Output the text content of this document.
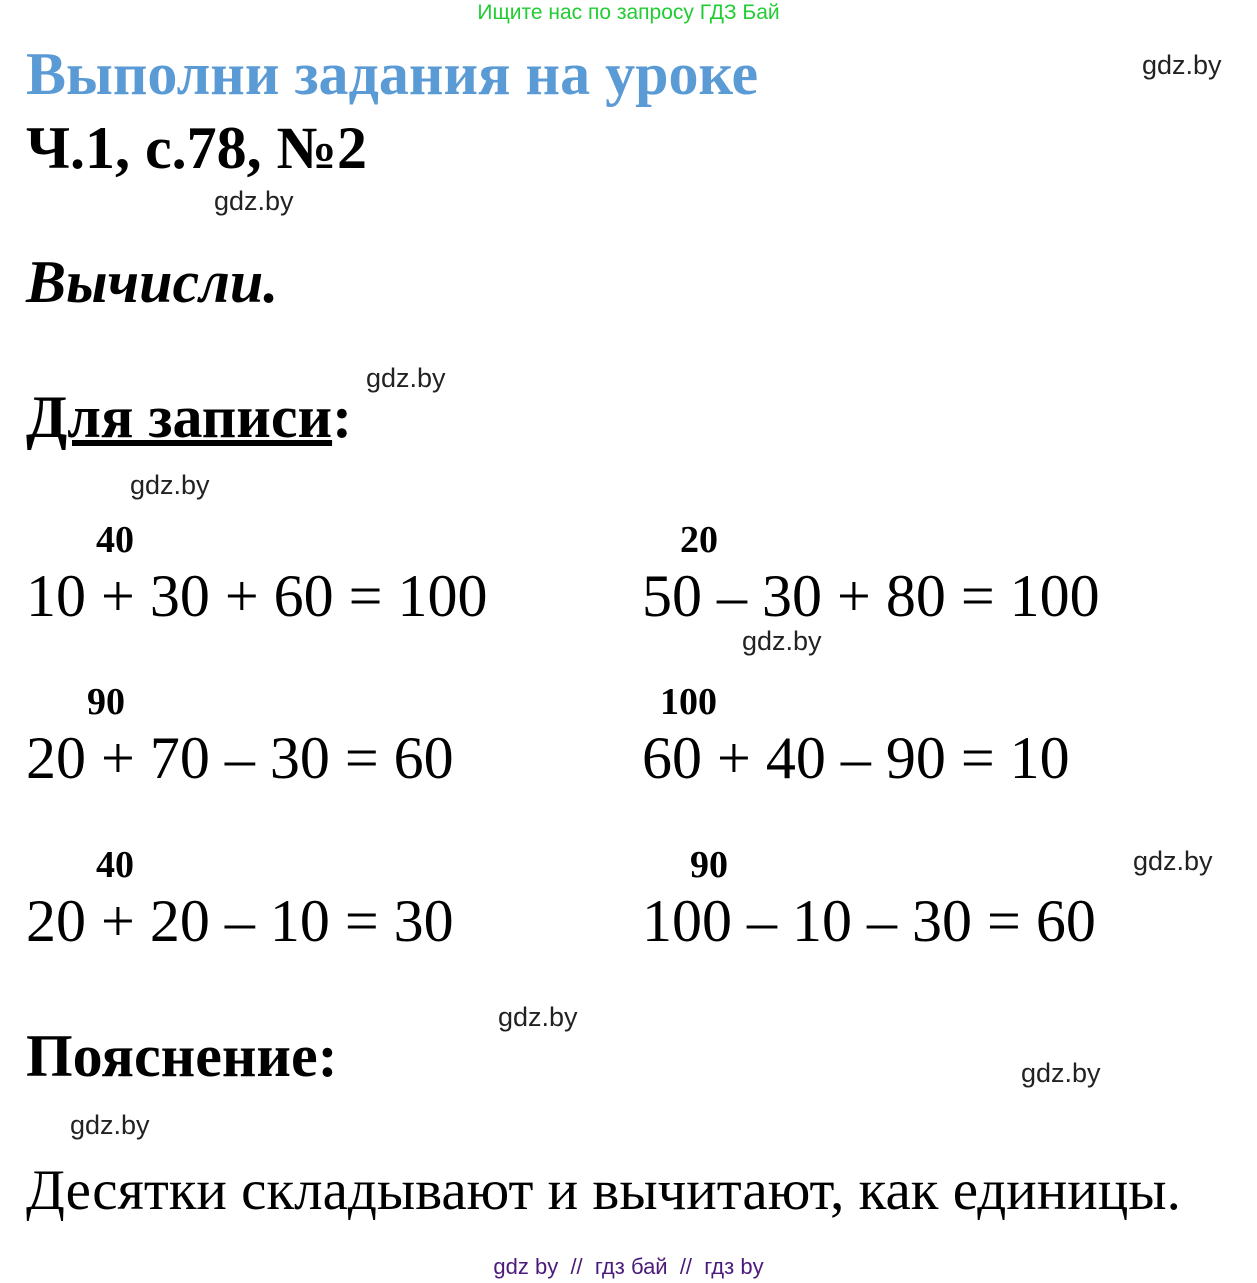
Ищите нас по запросу ГДЗ Бай
Выполни задания на уроке
Ч.1, с.78, №2
Вычисли.
Для записи:
40
10 + 30 + 60 = 100
20
50 – 30 + 80 = 100
90
20 + 70 – 30 = 60
100
60 + 40 – 90 = 10
40
20 + 20 – 10 = 30
90
100 – 10 – 30 = 60
Пояснение:
Десятки складывают и вычитают, как единицы.
gdz.by
gdz.by
gdz.by
gdz.by
gdz.by
gdz.by
gdz.by
gdz.by
gdz.by
gdz by  //  гдз бай  //  гдз by
